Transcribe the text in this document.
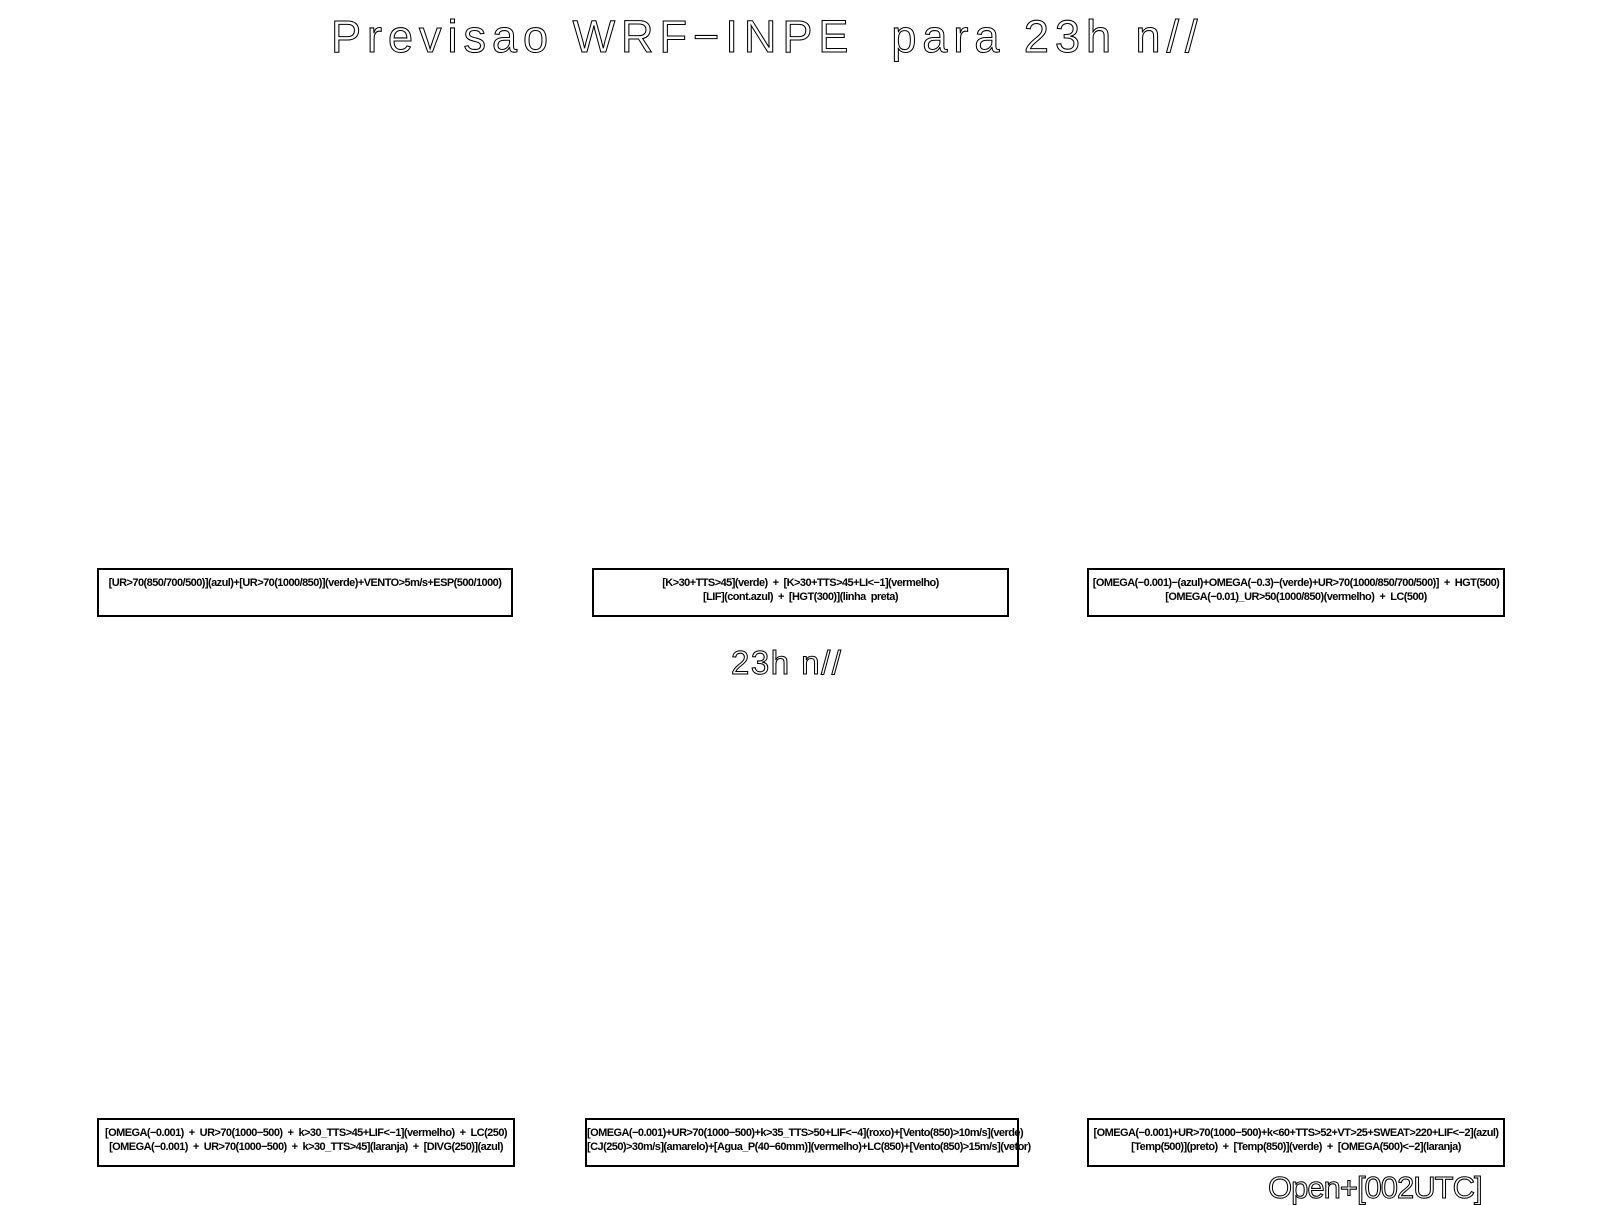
Previsao WRF−INPE  para 23h n//
[UR>70(850/700/500)](azul)+[UR>70(1000/850)](verde)+VENTO>5m/s+ESP(500/1000)	[K>30+TTS>45](verde)  +  [K>30+TTS>45+LI<−1](vermelho)
[LIF](cont.azul)  +  [HGT(300)](linha  preta)
[OMEGA(−0.001)−(azul)+OMEGA(−0.3)−(verde)+UR>70(1000/850/700/500)]  +  HGT(500)
[OMEGA(−0.01)_UR>50(1000/850)(vermelho)  +  LC(500)
23h n//
[OMEGA(−0.001)  +  UR>70(1000−500)  +  k>30_TTS>45+LIF<−1](vermelho)  +  LC(250)
[OMEGA(−0.001)  +  UR>70(1000−500)  +  k>30_TTS>45](laranja)  +  [DIVG(250)](azul)
[OMEGA(−0.001)+UR>70(1000−500)+k>35_TTS>50+LIF<−4](roxo)+[Vento(850)>10m/s](verde)
[CJ(250)>30m/s](amarelo)+[Agua_P(40−60mm)](vermelho)+LC(850)+[Vento(850)>15m/s](vetor)
[OMEGA(−0.001)+UR>70(1000−500)+k<60+TTS>52+VT>25+SWEAT>220+LIF<−2](azul)
[Temp(500)](preto)  +  [Temp(850)](verde)  +  [OMEGA(500)<−2](laranja)
Open+[002UTC]
